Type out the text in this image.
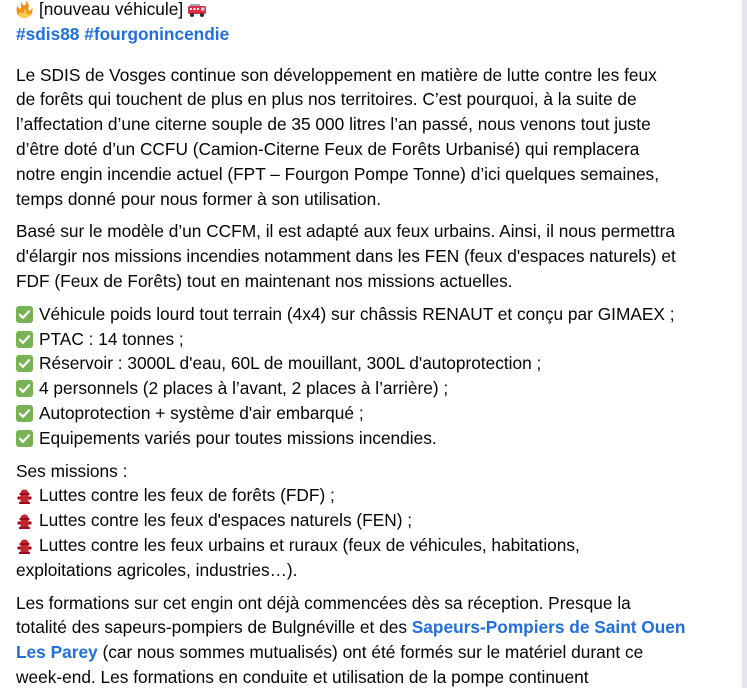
[nouveau véhicule]
#sdis88 #fourgonincendie
Le SDIS de Vosges continue son développement en matière de lutte contre les feux
de forêts qui touchent de plus en plus nos territoires. C’est pourquoi, à la suite de
l’affectation d’une citerne souple de 35 000 litres l’an passé, nous venons tout juste
d’être doté d’un CCFU (Camion-Citerne Feux de Forêts Urbanisé) qui remplacera
notre engin incendie actuel (FPT – Fourgon Pompe Tonne) d’ici quelques semaines,
temps donné pour nous former à son utilisation.
Basé sur le modèle d’un CCFM, il est adapté aux feux urbains. Ainsi, il nous permettra
d'élargir nos missions incendies notamment dans les FEN (feux d'espaces naturels) et
FDF (Feux de Forêts) tout en maintenant nos missions actuelles.
Véhicule poids lourd tout terrain (4x4) sur châssis RENAUT et conçu par GIMAEX ;
PTAC : 14 tonnes ;
Réservoir : 3000L d'eau, 60L de mouillant, 300L d'autoprotection ;
4 personnels (2 places à l’avant, 2 places à l’arrière) ;
Autoprotection + système d'air embarqué ;
Equipements variés pour toutes missions incendies.
Ses missions :
Luttes contre les feux de forêts (FDF) ;
Luttes contre les feux d'espaces naturels (FEN) ;
Luttes contre les feux urbains et ruraux (feux de véhicules, habitations,
exploitations agricoles, industries…).
Les formations sur cet engin ont déjà commencées dès sa réception. Presque la
totalité des sapeurs-pompiers de Bulgnéville et des Sapeurs-Pompiers de Saint Ouen
Les Parey (car nous sommes mutualisés) ont été formés sur le matériel durant ce
week-end. Les formations en conduite et utilisation de la pompe continuent
